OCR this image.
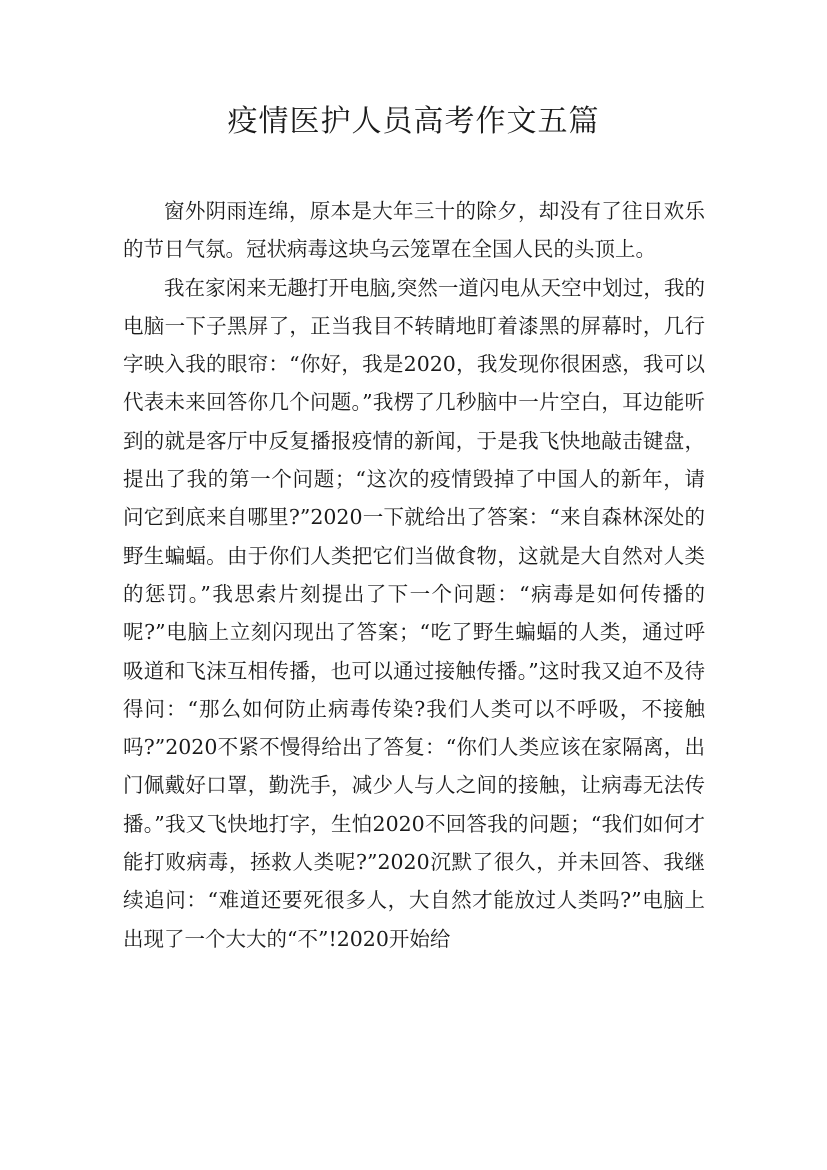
疫情医护人员高考作文五篇

窗外阴雨连绵，原本是大年三十的除夕，却没有了往日欢乐的节日气氛。冠状病毒这块乌云笼罩在全国人民的头顶上。

我在家闲来无趣打开电脑,突然一道闪电从天空中划过，我的电脑一下子黑屏了，正当我目不转睛地盯着漆黑的屏幕时，几行字映入我的眼帘：“你好，我是2020，我发现你很困惑，我可以代表未来回答你几个问题。”我楞了几秒脑中一片空白，耳边能听到的就是客厅中反复播报疫情的新闻，于是我飞快地敲击键盘，提出了我的第一个问题；“这次的疫情毁掉了中国人的新年，请问它到底来自哪里?”2020一下就给出了答案：“来自森林深处的野生蝙蝠。由于你们人类把它们当做食物，这就是大自然对人类的惩罚。”我思索片刻提出了下一个问题：“病毒是如何传播的呢?”电脑上立刻闪现出了答案；“吃了野生蝙蝠的人类，通过呼吸道和飞沫互相传播，也可以通过接触传播。”这时我又迫不及待得问：“那么如何防止病毒传染?我们人类可以不呼吸，不接触吗?”2020不紧不慢得给出了答复：“你们人类应该在家隔离，出门佩戴好口罩，勤洗手，减少人与人之间的接触，让病毒无法传播。”我又飞快地打字，生怕2020不回答我的问题；“我们如何才能打败病毒，拯救人类呢?”2020沉默了很久，并未回答、我继续追问：“难道还要死很多人，大自然才能放过人类吗?”电脑上出现了一个大大的“不”!2020开始给
